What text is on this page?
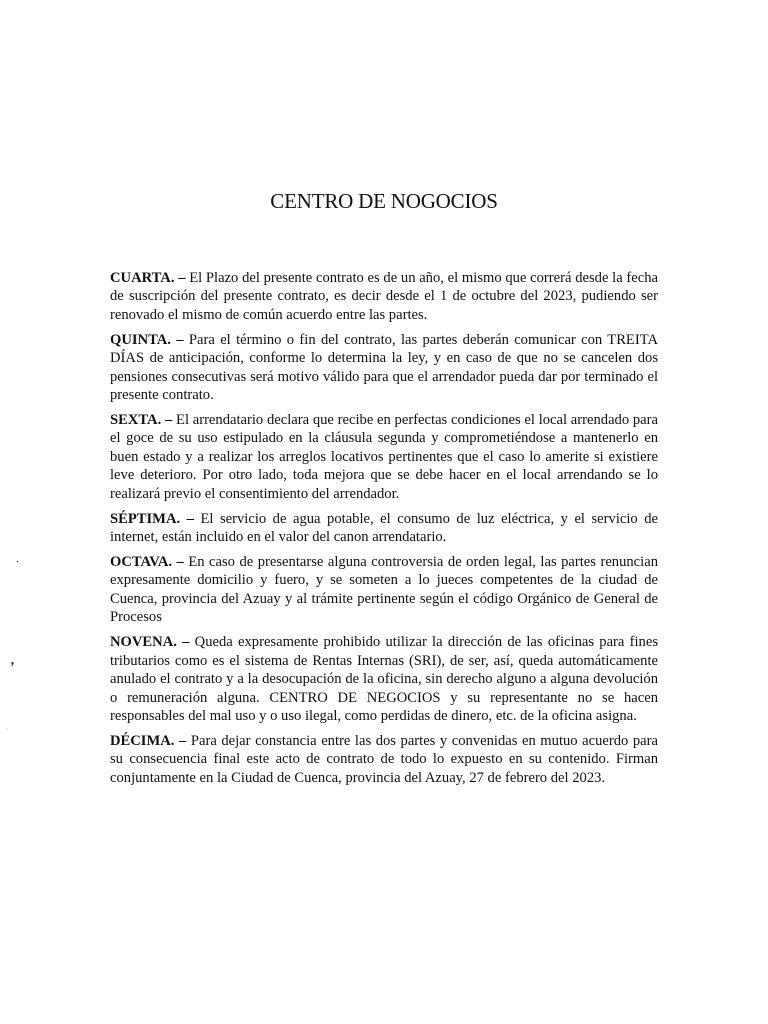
CENTRO DE NOGOCIOS

CUARTA. – El Plazo del presente contrato es de un año, el mismo que correrá desde la fecha de suscripción del presente contrato, es decir desde el 1 de octubre del 2023, pudiendo ser renovado el mismo de común acuerdo entre las partes.

QUINTA. – Para el término o fin del contrato, las partes deberán comunicar con TREITA DÍAS de anticipación, conforme lo determina la ley, y en caso de que no se cancelen dos pensiones consecutivas será motivo válido para que el arrendador pueda dar por terminado el presente contrato.

SEXTA. – El arrendatario declara que recibe en perfectas condiciones el local arrendado para el goce de su uso estipulado en la cláusula segunda y comprometiéndose a mantenerlo en buen estado y a realizar los arreglos locativos pertinentes que el caso lo amerite si existiere leve deterioro. Por otro lado, toda mejora que se debe hacer en el local arrendando se lo realizará previo el consentimiento del arrendador.

SÉPTIMA. – El servicio de agua potable, el consumo de luz eléctrica, y el servicio de internet, están incluido en el valor del canon arrendatario.

OCTAVA. – En caso de presentarse alguna controversia de orden legal, las partes renuncian expresamente domicilio y fuero, y se someten a lo jueces competentes de la ciudad de Cuenca, provincia del Azuay y al trámite pertinente según el código Orgánico de General de Procesos

NOVENA. – Queda expresamente prohibido utilizar la dirección de las oficinas para fines tributarios como es el sistema de Rentas Internas (SRI), de ser, así, queda automáticamente anulado el contrato y a la desocupación de la oficina, sin derecho alguno a alguna devolución o remuneración alguna. CENTRO DE NEGOCIOS y su representante no se hacen responsables del mal uso y o uso ilegal, como perdidas de dinero, etc. de la oficina asigna.

DÉCIMA. – Para dejar constancia entre las dos partes y convenidas en mutuo acuerdo para su consecuencia final este acto de contrato de todo lo expuesto en su contenido. Firman conjuntamente en la Ciudad de Cuenca, provincia del Azuay, 27 de febrero del 2023.

.
’
.
